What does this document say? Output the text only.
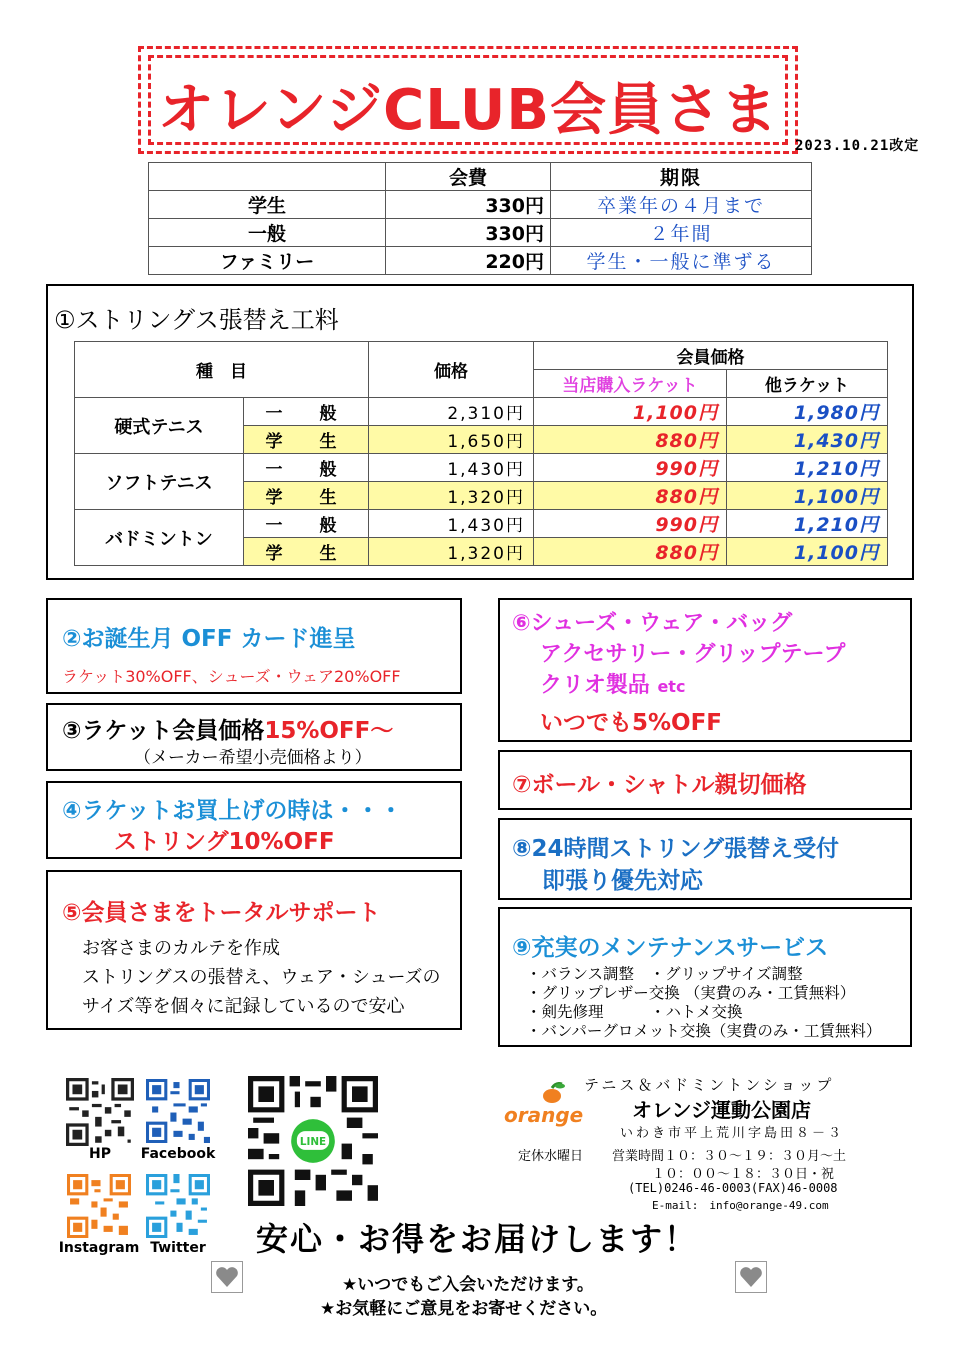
オレンジCLUB会員さま
2023.10.21改定
	会費	期限
学生	330円	卒業年の４月まで
一般	330円	２年間
ファミリー	220円	学生・一般に準ずる
①ストリングス張替え工料
種　目		価格	会員価格	
			当店購入ラケット	他ラケット
硬式テニス	一　般	2,310円	1,100円	1,980円
	学　生	1,650円	880円	1,430円
ソフトテニス	一　般	1,430円	990円	1,210円
	学　生	1,320円	880円	1,100円
バドミントン	一　般	1,430円	990円	1,210円
	学　生	1,320円	880円	1,100円
②お誕生月 OFF カード進呈
ラケット30%OFF、シューズ・ウェア20%OFF
③ラケット会員価格15%OFF～
（メーカー希望小売価格より）
④ラケットお買上げの時は・・・
ストリング10%OFF
⑤会員さまをトータルサポート
お客さまのカルテを作成
ストリングスの張替え、ウェア・シューズの
サイズ等を個々に記録しているので安心
⑥シューズ・ウェア・バッグ
アクセサリー・グリップテープ
クリオ製品 etc
いつでも5%OFF
⑦ボール・シャトル親切価格
⑧24時間ストリング張替え受付
即張り優先対応
⑨充実のメンテナンスサービス
・バランス調整　・グリップサイズ調整
・グリップレザー交換 （実費のみ・工賃無料）
・剣先修理　　　・ハトメ交換
・バンパーグロメット交換（実費のみ・工賃無料）
HP	Facebook
Instagram Twitter
LINE
orange
テニス＆バドミントンショップ
オレンジ運動公園店
いわき市平上荒川字島田８－３
定休水曜日 営業時間１０：３０～１９：３０月～土
１０：００～１８：３０日・祝
(TEL)0246-46-0003(FAX)46-0008
E-mail:　info@orange-49.com
安心・お得をお届けします！
★いつでもご入会いただけます。
★お気軽にご意見をお寄せください。
